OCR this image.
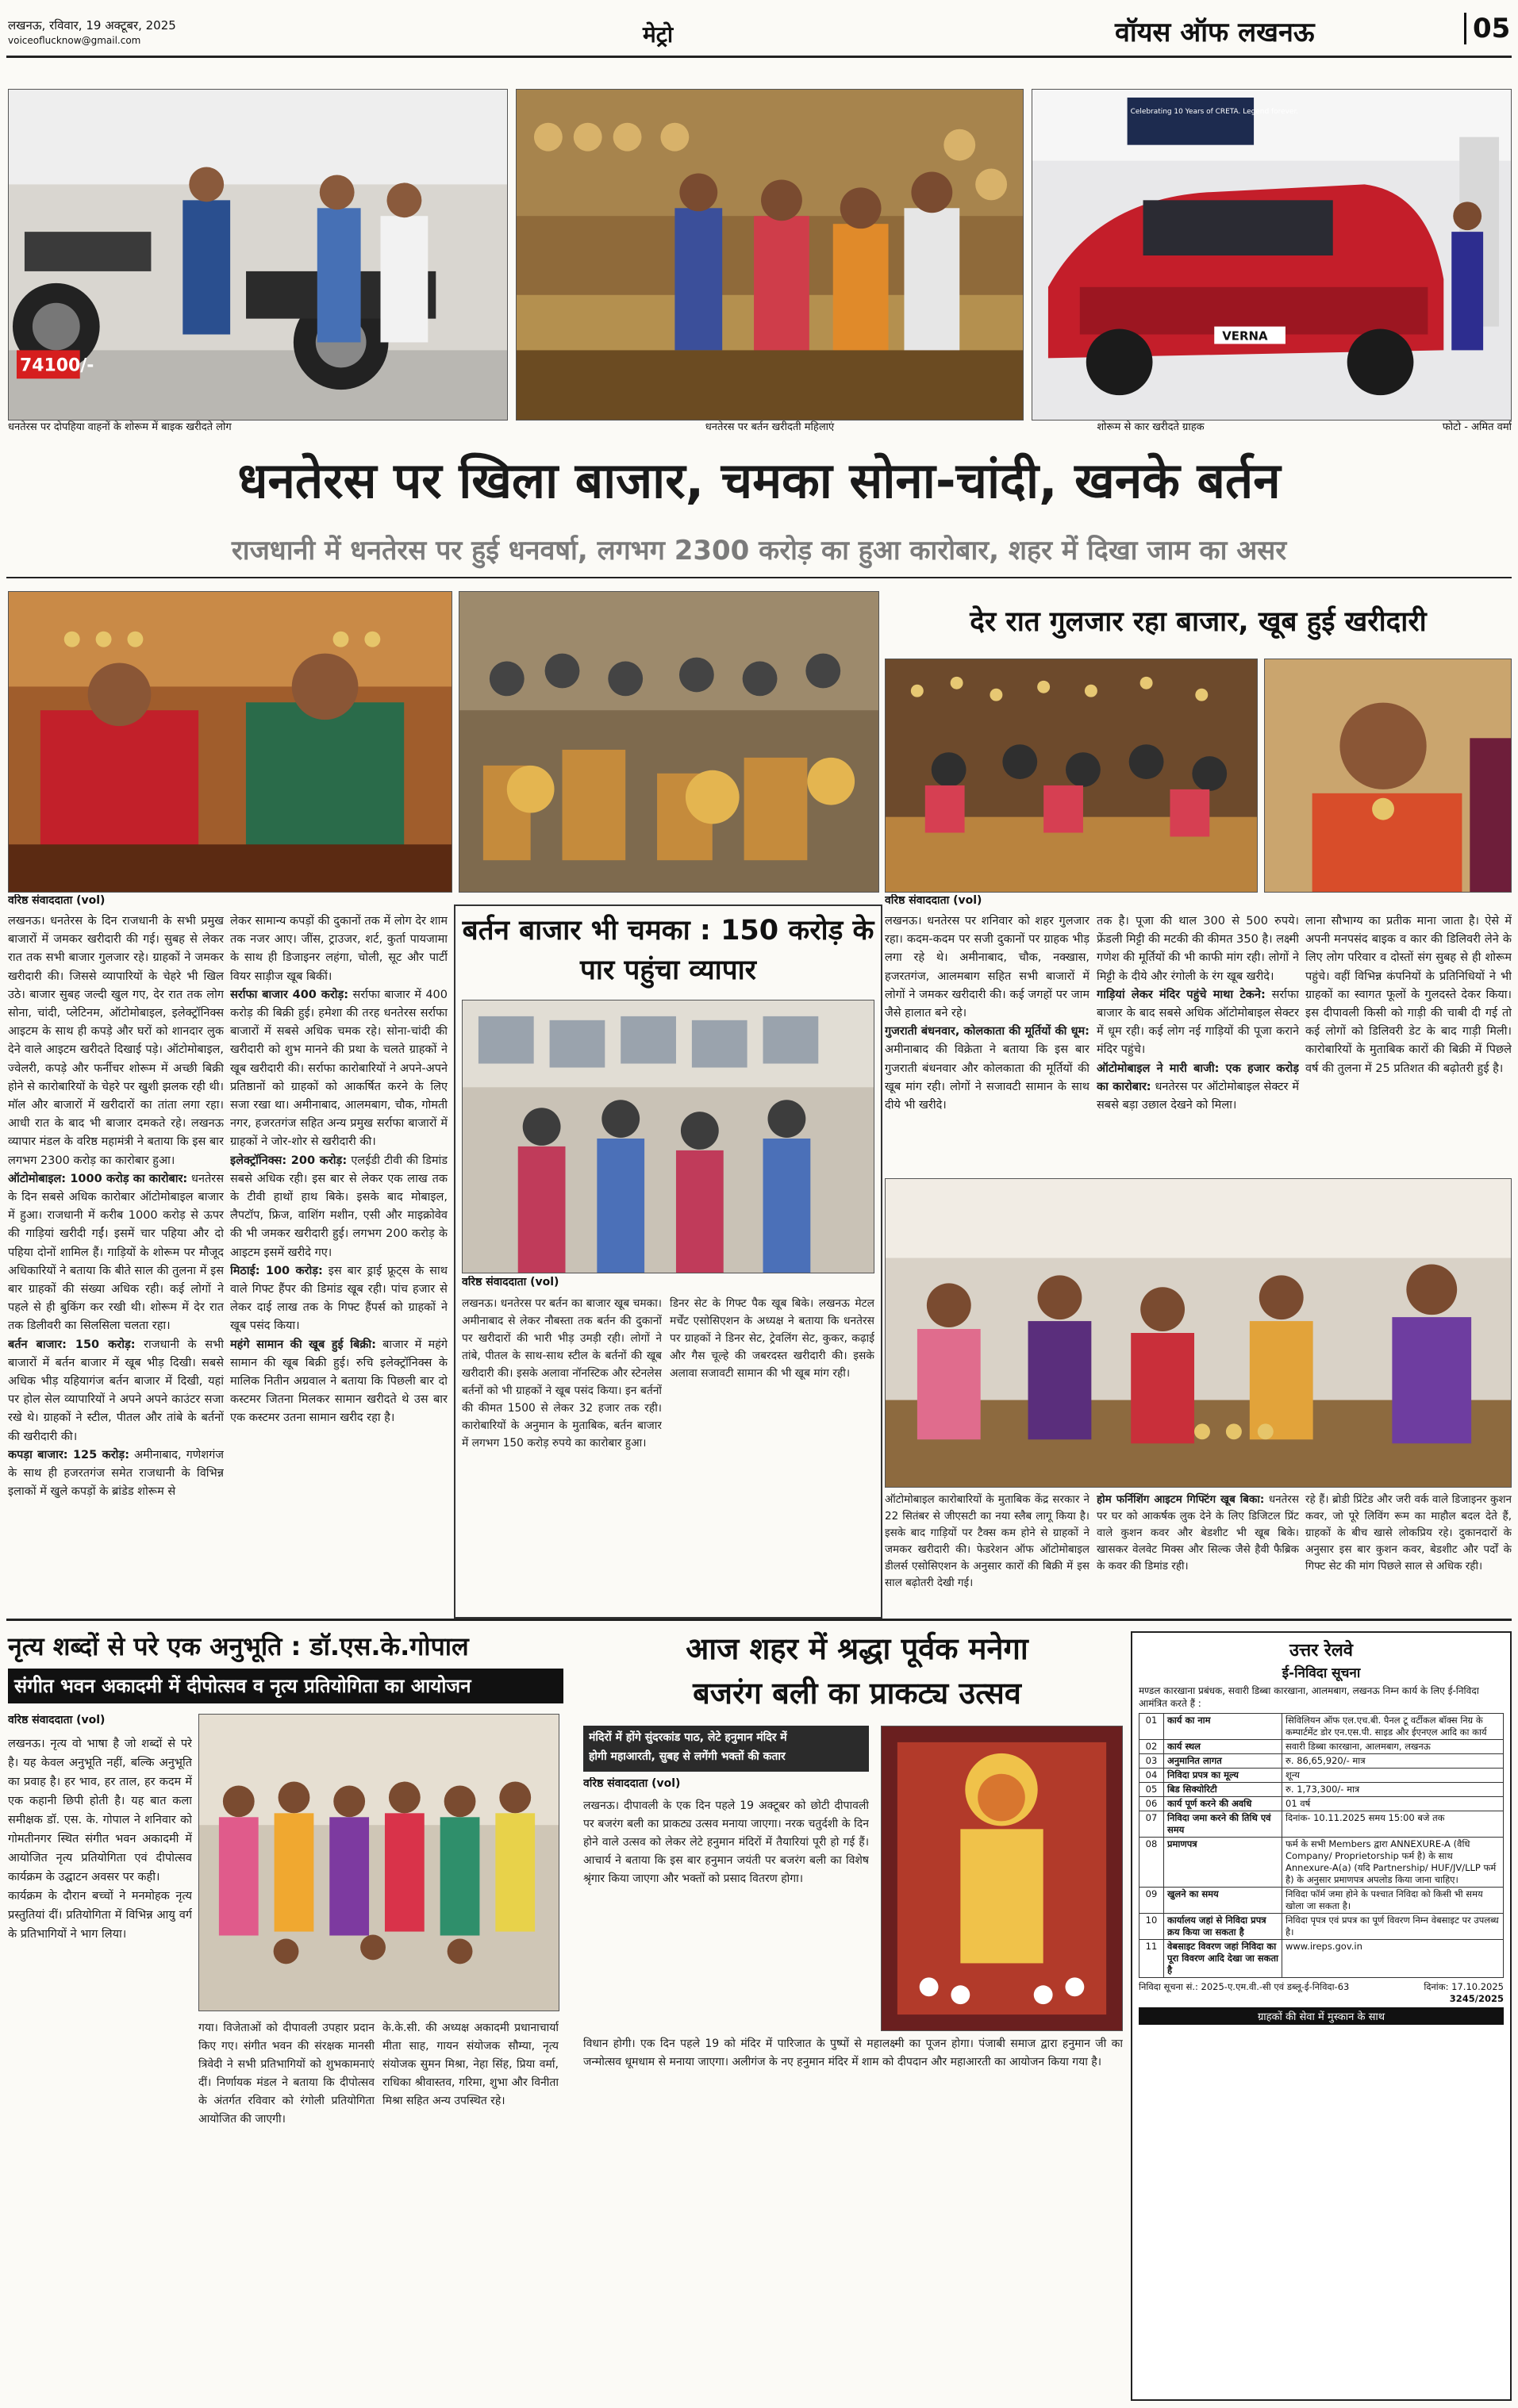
लखनऊ, रविवार, 19 अक्टूबर, 2025
voiceoflucknow@gmail.com	मेट्रो	वॉयस ऑफ लखनऊ	05
74100/-
Celebrating 10 Years of CRETA. Legend forever.
VERNA
धनतेरस पर दोपहिया वाहनों के शोरूम में बाइक खरीदते लोग	धनतेरस पर बर्तन खरीदती महिलाएं	शोरूम से कार खरीदते ग्राहक	फोटो - अमित वर्मा
धनतेरस पर खिला बाजार, चमका सोना-चांदी, खनके बर्तन
राजधानी में धनतेरस पर हुई धनवर्षा, लगभग 2300 करोड़ का हुआ कारोबार, शहर में दिखा जाम का असर
देर रात गुलजार रहा बाजार, खूब हुई खरीदारी
वरिष्ठ संवाददाता (vol)	वरिष्ठ संवाददाता (vol)

लखनऊ। धनतेरस के दिन राजधानी के सभी प्रमुख बाजारों में जमकर खरीदारी की गई। सुबह से लेकर रात तक सभी बाजार गुलजार रहे। ग्राहकों ने जमकर खरीदारी की। जिससे व्यापारियों के चेहरे भी खिल उठे। बाजार सुबह जल्दी खुल गए, देर रात तक लोग सोना, चांदी, प्लेटिनम, ऑटोमोबाइल, इलेक्ट्रॉनिक्स आइटम के साथ ही कपड़े और घरों को शानदार लुक देने वाले आइटम खरीदते दिखाई पड़े। ऑटोमोबाइल, ज्वेलरी, कपड़े और फर्नीचर शोरूम में अच्छी बिक्री होने से कारोबारियों के चेहरे पर खुशी झलक रही थी। मॉल और बाजारों में खरीदारों का तांता लगा रहा। आधी रात के बाद भी बाजार दमकते रहे। लखनऊ व्यापार मंडल के वरिष्ठ महामंत्री ने बताया कि इस बार लगभग 2300 करोड़ का कारोबार हुआ।

ऑटोमोबाइल: 1000 करोड़ का कारोबार: धनतेरस के दिन सबसे अधिक कारोबार ऑटोमोबाइल बाजार में हुआ। राजधानी में करीब 1000 करोड़ से ऊपर की गाड़ियां खरीदी गईं। इसमें चार पहिया और दो पहिया दोनों शामिल हैं। गाड़ियों के शोरूम पर मौजूद अधिकारियों ने बताया कि बीते साल की तुलना में इस बार ग्राहकों की संख्या अधिक रही। कई लोगों ने पहले से ही बुकिंग कर रखी थी। शोरूम में देर रात तक डिलीवरी का सिलसिला चलता रहा।

बर्तन बाजार: 150 करोड़: राजधानी के सभी बाजारों में बर्तन बाजार में खूब भीड़ दिखी। सबसे अधिक भीड़ यहियागंज बर्तन बाजार में दिखी, यहां पर होल सेल व्यापारियों ने अपने अपने काउंटर सजा रखे थे। ग्राहकों ने स्टील, पीतल और तांबे के बर्तनों की खरीदारी की।

कपड़ा बाजार: 125 करोड़: अमीनाबाद, गणेशगंज के साथ ही हजरतगंज समेत राजधानी के विभिन्न इलाकों में खुले कपड़ों के ब्रांडेड शोरूम से

लेकर सामान्य कपड़ों की दुकानों तक में लोग देर शाम तक नजर आए। जींस, ट्राउजर, शर्ट, कुर्ता पायजामा के साथ ही डिजाइनर लहंगा, चोली, सूट और पार्टी वियर साड़ीज खूब बिकीं।

सर्राफा बाजार 400 करोड़: सर्राफा बाजार में 400 करोड़ की बिक्री हुई। हमेशा की तरह धनतेरस सर्राफा बाजारों में सबसे अधिक चमक रहे। सोना-चांदी की खरीदारी को शुभ मानने की प्रथा के चलते ग्राहकों ने खूब खरीदारी की। सर्राफा कारोबारियों ने अपने-अपने प्रतिष्ठानों को ग्राहकों को आकर्षित करने के लिए सजा रखा था। अमीनाबाद, आलमबाग, चौक, गोमती नगर, हजरतगंज सहित अन्य प्रमुख सर्राफा बाजारों में ग्राहकों ने जोर-शोर से खरीदारी की।

इलेक्ट्रॉनिक्स: 200 करोड़: एलईडी टीवी की डिमांड सबसे अधिक रही। इस बार से लेकर एक लाख तक के टीवी हाथों हाथ बिके। इसके बाद मोबाइल, लैपटॉप, फ्रिज, वाशिंग मशीन, एसी और माइक्रोवेव की भी जमकर खरीदारी हुई। लगभग 200 करोड़ के आइटम इसमें खरीदे गए।

मिठाई: 100 करोड़: इस बार ड्राई फ्रूट्स के साथ वाले गिफ्ट हैंपर की डिमांड खूब रही। पांच हजार से लेकर दाई लाख तक के गिफ्ट हैंपर्स को ग्राहकों ने खूब पसंद किया।

महंगे सामान की खूब हुई बिक्री: बाजार में महंगे सामान की खूब बिक्री हुई। रुचि इलेक्ट्रॉनिक्स के मालिक नितीन अग्रवाल ने बताया कि पिछली बार दो कस्टमर जितना मिलकर सामान खरीदते थे उस बार एक कस्टमर उतना सामान खरीद रहा है।

बर्तन बाजार भी चमका : 150 करोड़ के पार पहुंचा व्यापार
वरिष्ठ संवाददाता (vol)

लखनऊ। धनतेरस पर बर्तन का बाजार खूब चमका। अमीनाबाद से लेकर नौबस्ता तक बर्तन की दुकानों पर खरीदारों की भारी भीड़ उमड़ी रही। लोगों ने तांबे, पीतल के साथ-साथ स्टील के बर्तनों की खूब खरीदारी की। इसके अलावा नॉनस्टिक और स्टेनलेस बर्तनों को भी ग्राहकों ने खूब पसंद किया। इन बर्तनों की कीमत 1500 से लेकर 32 हजार तक रही। कारोबारियों के अनुमान के मुताबिक, बर्तन बाजार में लगभग 150 करोड़ रुपये का कारोबार हुआ।

डिनर सेट के गिफ्ट पैक खूब बिके। लखनऊ मेटल मर्चेंट एसोसिएशन के अध्यक्ष ने बताया कि धनतेरस पर ग्राहकों ने डिनर सेट, ट्रेवलिंग सेट, कुकर, कढ़ाई और गैस चूल्हे की जबरदस्त खरीदारी की। इसके अलावा सजावटी सामान की भी खूब मांग रही।

लखनऊ। धनतेरस पर शनिवार को शहर गुलजार रहा। कदम-कदम पर सजी दुकानों पर ग्राहक भीड़ लगा रहे थे। अमीनाबाद, चौक, नक्खास, हजरतगंज, आलमबाग सहित सभी बाजारों में लोगों ने जमकर खरीदारी की। कई जगहों पर जाम जैसे हालात बने रहे।

गुजराती बंधनवार, कोलकाता की मूर्तियों की धूम: अमीनाबाद की विक्रेता ने बताया कि इस बार गुजराती बंधनवार और कोलकाता की मूर्तियों की खूब मांग रही। लोगों ने सजावटी सामान के साथ दीये भी खरीदे।

तक है। पूजा की थाल 300 से 500 रुपये। फ्रेंडली मिट्टी की मटकी की कीमत 350 है। लक्ष्मी गणेश की मूर्तियों की भी काफी मांग रही। लोगों ने मिट्टी के दीये और रंगोली के रंग खूब खरीदे।

गाड़ियां लेकर मंदिर पहुंचे माथा टेकने: सर्राफा बाजार के बाद सबसे अधिक ऑटोमोबाइल सेक्टर में धूम रही। कई लोग नई गाड़ियों की पूजा कराने मंदिर पहुंचे।

ऑटोमोबाइल ने मारी बाजी: एक हजार करोड़ का कारोबार: धनतेरस पर ऑटोमोबाइल सेक्टर में सबसे बड़ा उछाल देखने को मिला।

लाना सौभाग्य का प्रतीक माना जाता है। ऐसे में अपनी मनपसंद बाइक व कार की डिलिवरी लेने के लिए लोग परिवार व दोस्तों संग सुबह से ही शोरूम पहुंचे। वहीं विभिन्न कंपनियों के प्रतिनिधियों ने भी ग्राहकों का स्वागत फूलों के गुलदस्ते देकर किया। इस दीपावली किसी को गाड़ी की चाबी दी गई तो कई लोगों को डिलिवरी डेट के बाद गाड़ी मिली। कारोबारियों के मुताबिक कारों की बिक्री में पिछले वर्ष की तुलना में 25 प्रतिशत की बढ़ोतरी हुई है।

ऑटोमोबाइल कारोबारियों के मुताबिक केंद्र सरकार ने 22 सितंबर से जीएसटी का नया स्लैब लागू किया है। इसके बाद गाड़ियों पर टैक्स कम होने से ग्राहकों ने जमकर खरीदारी की। फेडरेशन ऑफ ऑटोमोबाइल डीलर्स एसोसिएशन के अनुसार कारों की बिक्री में इस साल बढ़ोतरी देखी गई।

होम फर्निशिंग आइटम गिफ्टिंग खूब बिका: धनतेरस पर घर को आकर्षक लुक देने के लिए डिजिटल प्रिंट वाले कुशन कवर और बेडशीट भी खूब बिके। खासकर वेलवेट मिक्स और सिल्क जैसे हैवी फैब्रिक के कवर की डिमांड रही।

रहे हैं। ब्रोडी प्रिंटेड और जरी वर्क वाले डिजाइनर कुशन कवर, जो पूरे लिविंग रूम का माहौल बदल देते हैं, ग्राहकों के बीच खासे लोकप्रिय रहे। दुकानदारों के अनुसार इस बार कुशन कवर, बेडशीट और पर्दों के गिफ्ट सेट की मांग पिछले साल से अधिक रही।

नृत्य शब्दों से परे एक अनुभूति : डॉ.एस.के.गोपाल
संगीत भवन अकादमी में दीपोत्सव व नृत्य प्रतियोगिता का आयोजन
वरिष्ठ संवाददाता (vol)

लखनऊ। नृत्य वो भाषा है जो शब्दों से परे है। यह केवल अनुभूति नहीं, बल्कि अनुभूति का प्रवाह है। हर भाव, हर ताल, हर कदम में एक कहानी छिपी होती है। यह बात कला समीक्षक डॉ. एस. के. गोपाल ने शनिवार को गोमतीनगर स्थित संगीत भवन अकादमी में आयोजित नृत्य प्रतियोगिता एवं दीपोत्सव कार्यक्रम के उद्घाटन अवसर पर कही।

कार्यक्रम के दौरान बच्चों ने मनमोहक नृत्य प्रस्तुतियां दीं। प्रतियोगिता में विभिन्न आयु वर्ग के प्रतिभागियों ने भाग लिया।

गया। विजेताओं को दीपावली उपहार प्रदान किए गए। संगीत भवन की संरक्षक मानसी त्रिवेदी ने सभी प्रतिभागियों को शुभकामनाएं दीं। निर्णायक मंडल ने बताया कि दीपोत्सव के अंतर्गत रविवार को रंगोली प्रतियोगिता आयोजित की जाएगी।

के.के.सी. की अध्यक्ष अकादमी प्रधानाचार्या मीता साह, गायन संयोजक सौम्या, नृत्य संयोजक सुमन मिश्रा, नेहा सिंह, प्रिया वर्मा, राधिका श्रीवास्तव, गरिमा, शुभा और विनीता मिश्रा सहित अन्य उपस्थित रहे।

आज शहर में श्रद्धा पूर्वक मनेगा
बजरंग बली का प्राकट्य उत्सव
मंदिरों में होंगे सुंदरकांड पाठ, लेटे हनुमान मंदिर में
होगी महाआरती, सुबह से लगेंगी भक्तों की कतार
वरिष्ठ संवाददाता (vol)

लखनऊ। दीपावली के एक दिन पहले 19 अक्टूबर को छोटी दीपावली पर बजरंग बली का प्राकट्य उत्सव मनाया जाएगा। नरक चतुर्दशी के दिन होने वाले उत्सव को लेकर लेटे हनुमान मंदिरों में तैयारियां पूरी हो गई हैं। आचार्य ने बताया कि इस बार हनुमान जयंती पर बजरंग बली का विशेष श्रृंगार किया जाएगा और भक्तों को प्रसाद वितरण होगा।

विधान होगी। एक दिन पहले 19 को मंदिर में पारिजात के पुष्पों से महालक्ष्मी का पूजन होगा। पंजाबी समाज द्वारा हनुमान जी का जन्मोत्सव धूमधाम से मनाया जाएगा। अलीगंज के नए हनुमान मंदिर में शाम को दीपदान और महाआरती का आयोजन किया गया है।

उत्तर रेलवे
ई-निविदा सूचना
मण्डल कारखाना प्रबंधक, सवारी डिब्बा कारखाना, आलमबाग, लखनऊ निम्न कार्य के लिए ई-निविदा आमंत्रित करते हैं :
01	कार्य का नाम	सिविलियन ऑफ एल.एच.बी. पैनल टू वर्टीकल बॉक्स निग्र के कम्पार्टमेंट डोर एन.एस.पी. साइड और ईएनएल आदि का कार्य
02	कार्य स्थल	सवारी डिब्बा कारखाना, आलमबाग, लखनऊ
03	अनुमानित लागत	रु. 86,65,920/- मात्र
04	निविदा प्रपत्र का मूल्य	शून्य
05	बिड सिक्योरिटी	रु. 1,73,300/- मात्र
06	कार्य पूर्ण करने की अवधि	01 वर्ष
07	निविदा जमा करने की तिथि एवं समय	दिनांक- 10.11.2025 समय 15:00 बजे तक
08	प्रमाणपत्र	फर्म के सभी Members द्वारा ANNEXURE-A (वैधि Company/ Proprietorship फर्म है) के साथ Annexure-A(a) (यदि Partnership/ HUF/JV/LLP फर्म है) के अनुसार प्रमाणपत्र अपलोड किया जाना चाहिए।
09	खुलने का समय	निविदा फॉर्म जमा होने के पश्चात निविदा को किसी भी समय खोला जा सकता है।
10	कार्यालय जहां से निविदा प्रपत्र क्रय किया जा सकता है	निविदा पृपत्र एवं प्रपत्र का पूर्ण विवरण निम्न वेबसाइट पर उपलब्ध है।
11	वेबसाइट विवरण जहां निविदा का पूरा विवरण आदि देखा जा सकता है	www.ireps.gov.in
निविदा सूचना सं.: 2025-ए.एम.वी.-सी एवं डब्लू-ई-निविदा-63	दिनांक: 17.10.2025
3245/2025
ग्राहकों की सेवा में मुस्कान के साथ
